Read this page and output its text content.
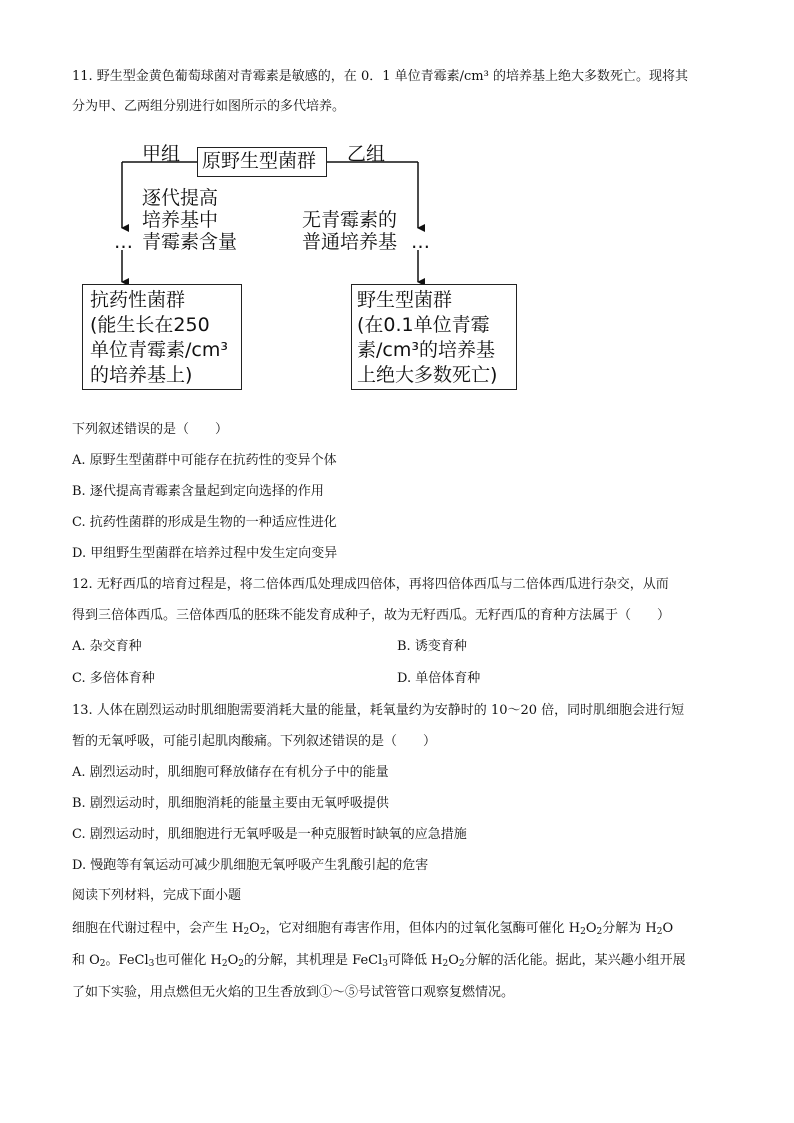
11. 野生型金黄色葡萄球菌对青霉素是敏感的，在 0．1 单位青霉素/cm³ 的培养基上绝大多数死亡。现将其
分为甲、乙两组分别进行如图所示的多代培养。
甲组 原野生型菌群 乙组
逐代提高
培养基中
青霉素含量
…
无青霉素的
普通培养基 …
抗药性菌群
(能生长在250
单位青霉素/cm³
的培养基上)
野生型菌群
(在0.1单位青霉
素/cm³的培养基
上绝大多数死亡)
下列叙述错误的是（　　）
A. 原野生型菌群中可能存在抗药性的变异个体
B. 逐代提高青霉素含量起到定向选择的作用
C. 抗药性菌群的形成是生物的一种适应性进化
D. 甲组野生型菌群在培养过程中发生定向变异
12. 无籽西瓜的培育过程是，将二倍体西瓜处理成四倍体，再将四倍体西瓜与二倍体西瓜进行杂交，从而
得到三倍体西瓜。三倍体西瓜的胚珠不能发育成种子，故为无籽西瓜。无籽西瓜的育种方法属于（　　）
A. 杂交育种	B. 诱变育种
C. 多倍体育种	D. 单倍体育种
13. 人体在剧烈运动时肌细胞需要消耗大量的能量，耗氧量约为安静时的 10～20 倍，同时肌细胞会进行短
暂的无氧呼吸，可能引起肌肉酸痛。下列叙述错误的是（　　）
A. 剧烈运动时，肌细胞可释放储存在有机分子中的能量
B. 剧烈运动时，肌细胞消耗的能量主要由无氧呼吸提供
C. 剧烈运动时，肌细胞进行无氧呼吸是一种克服暂时缺氧的应急措施
D. 慢跑等有氧运动可减少肌细胞无氧呼吸产生乳酸引起的危害
阅读下列材料，完成下面小题
细胞在代谢过程中，会产生 $H_2O_2$，它对细胞有毒害作用，但体内的过氧化氢酶可催化 $H_2O_2$分解为 $H_2O$
和 $O_2$。FeCl$_3$也可催化 $H_2O_2$的分解，其机理是 FeCl$_3$可降低 $H_2O_2$分解的活化能。据此，某兴趣小组开展
了如下实验，用点燃但无火焰的卫生香放到①～⑤号试管管口观察复燃情况。
